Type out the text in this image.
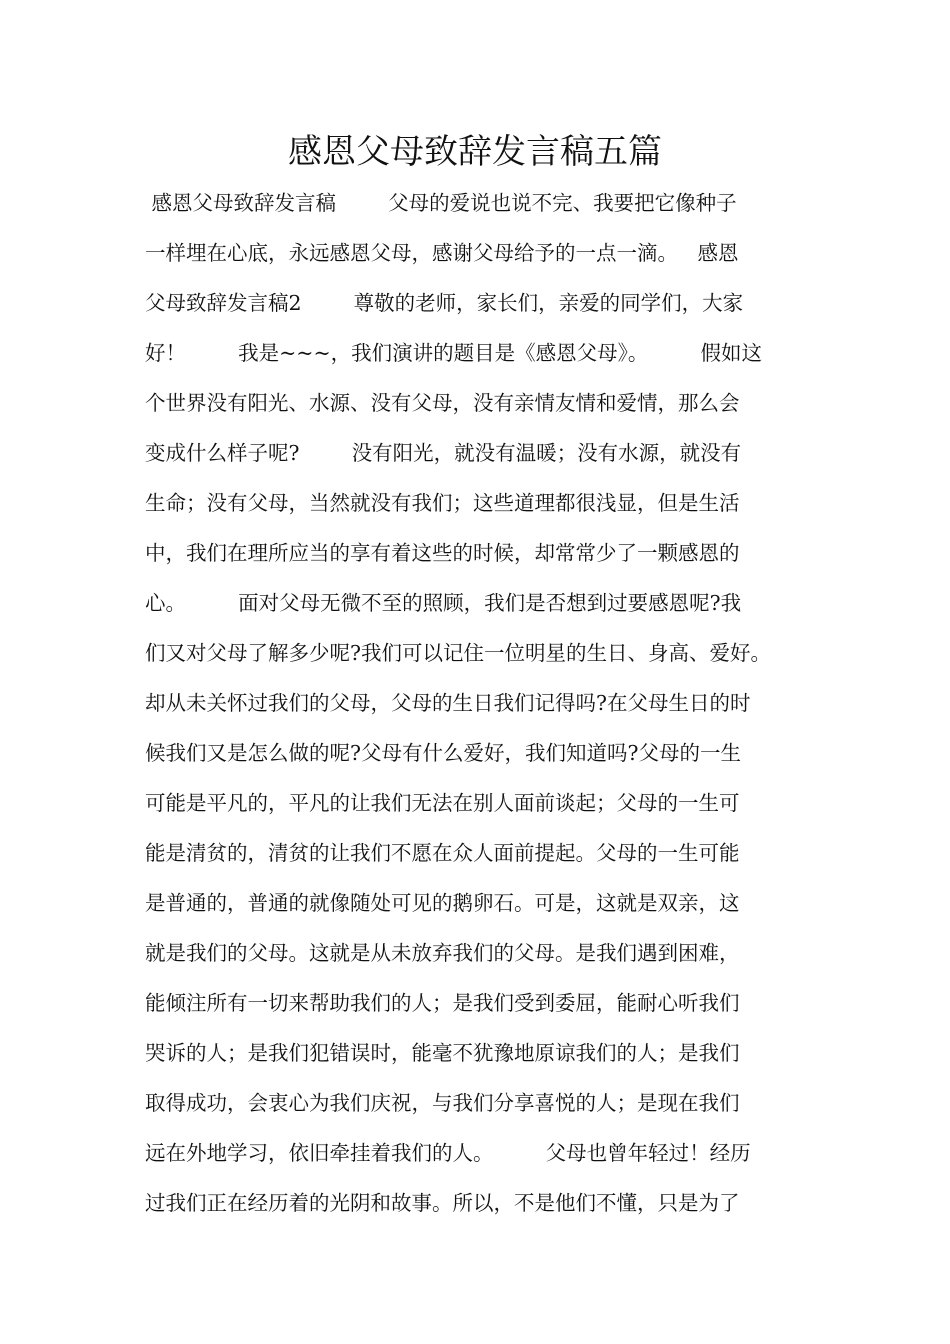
感恩父母致辞发言稿五篇
感恩父母致辞发言稿        父母的爱说也说不完、我要把它像种子
一样埋在心底，永远感恩父母，感谢父母给予的一点一滴。   感恩
父母致辞发言稿2        尊敬的老师，家长们，亲爱的同学们，大家
好！        我是~~~，我们演讲的题目是《感恩父母》。        假如这
个世界没有阳光、水源、没有父母，没有亲情友情和爱情，那么会
变成什么样子呢?        没有阳光，就没有温暖；没有水源，就没有
生命；没有父母，当然就没有我们；这些道理都很浅显，但是生活
中，我们在理所应当的享有着这些的时候，却常常少了一颗感恩的
心。        面对父母无微不至的照顾，我们是否想到过要感恩呢?我
们又对父母了解多少呢?我们可以记住一位明星的生日、身高、爱好。
却从未关怀过我们的父母，父母的生日我们记得吗?在父母生日的时
候我们又是怎么做的呢?父母有什么爱好，我们知道吗?父母的一生
可能是平凡的，平凡的让我们无法在别人面前谈起；父母的一生可
能是清贫的，清贫的让我们不愿在众人面前提起。父母的一生可能
是普通的，普通的就像随处可见的鹅卵石。可是，这就是双亲，这
就是我们的父母。这就是从未放弃我们的父母。是我们遇到困难，
能倾注所有一切来帮助我们的人；是我们受到委屈，能耐心听我们
哭诉的人；是我们犯错误时，能毫不犹豫地原谅我们的人；是我们
取得成功，会衷心为我们庆祝，与我们分享喜悦的人；是现在我们
远在外地学习，依旧牵挂着我们的人。        父母也曾年轻过！经历
过我们正在经历着的光阴和故事。所以，不是他们不懂，只是为了
